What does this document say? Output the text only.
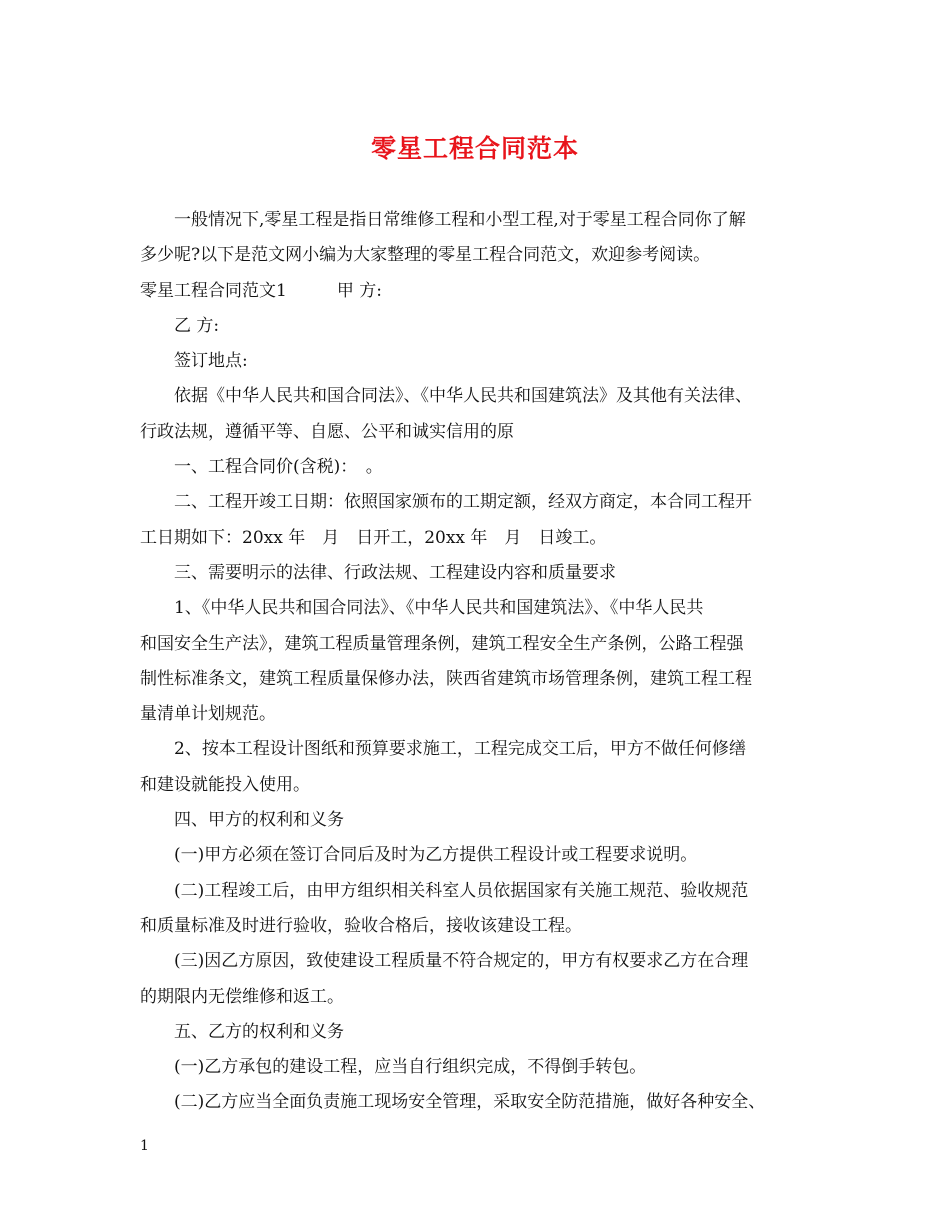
零星工程合同范本
一般情况下,零星工程是指日常维修工程和小型工程,对于零星工程合同你了解
多少呢?以下是范文网小编为大家整理的零星工程合同范文，欢迎参考阅读。
零星工程合同范文1	甲 方:
乙 方:
签订地点:
依据《中华人民共和国合同法》、《中华人民共和国建筑法》及其他有关法律、
行政法规，遵循平等、自愿、公平和诚实信用的原
一、工程合同价(含税)：　。
二、工程开竣工日期：依照国家颁布的工期定额，经双方商定，本合同工程开
工日期如下：20xx 年　月　日开工，20xx 年　月　日竣工。
三、需要明示的法律、行政法规、工程建设内容和质量要求
1、《中华人民共和国合同法》、《中华人民共和国建筑法》、《中华人民共
和国安全生产法》，建筑工程质量管理条例，建筑工程安全生产条例，公路工程强
制性标准条文，建筑工程质量保修办法，陕西省建筑市场管理条例，建筑工程工程
量清单计划规范。
2、按本工程设计图纸和预算要求施工，工程完成交工后，甲方不做任何修缮
和建设就能投入使用。
四、甲方的权利和义务
(一)甲方必须在签订合同后及时为乙方提供工程设计或工程要求说明。
(二)工程竣工后，由甲方组织相关科室人员依据国家有关施工规范、验收规范
和质量标准及时进行验收，验收合格后，接收该建设工程。
(三)因乙方原因，致使建设工程质量不符合规定的，甲方有权要求乙方在合理
的期限内无偿维修和返工。
五、乙方的权利和义务
(一)乙方承包的建设工程，应当自行组织完成，不得倒手转包。
(二)乙方应当全面负责施工现场安全管理，采取安全防范措施，做好各种安全、
1
